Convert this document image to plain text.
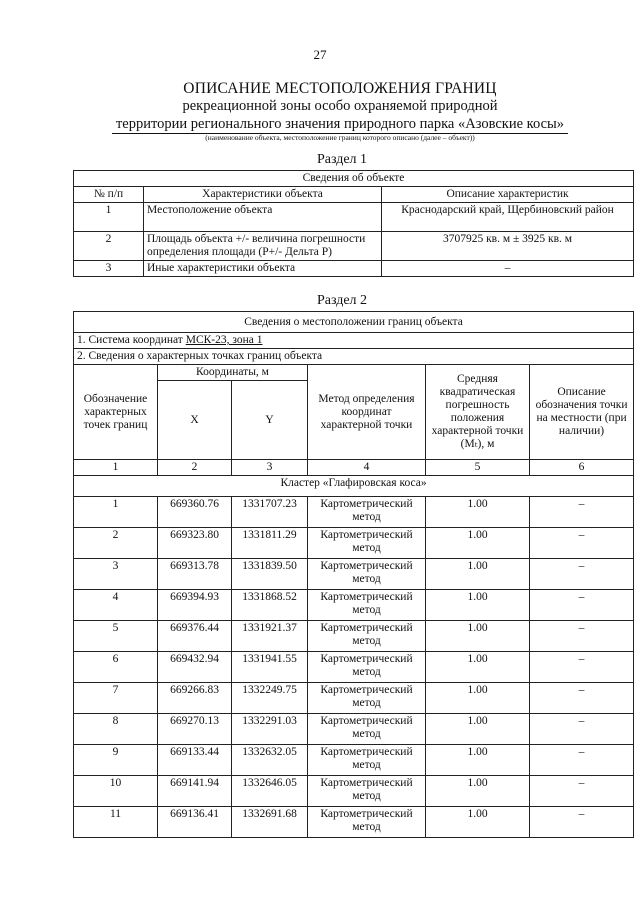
27
ОПИСАНИЕ МЕСТОПОЛОЖЕНИЯ ГРАНИЦ
рекреационной зоны особо охраняемой природной
территории регионального значения природного парка «Азовские косы»
(наименование объекта, местоположение границ которого описано (далее – объект))
Раздел 1
Сведения об объекте		
№ п/п	Характеристики объекта	Описание характеристик
1	Местоположение объекта	Краснодарский край, Щербиновский район
2	Площадь объекта +/- величина погрешности определения площади (P+/- Дельта P)	3707925 кв. м ± 3925 кв. м
3	Иные характеристики объекта	–
Раздел 2
Сведения о местоположении границ объекта					
1. Система координат МСК-23, зона 1					
2. Сведения о характерных точках границ объекта					
Обозначение характерных точек границ	Координаты, м		Метод определения координат характерной точки	Средняя квадратическая погрешность положения характерной точки (Mₜ), м	Описание обозначения точки на местности (при наличии)
	X	Y			
1	2	3	4	5	6
Кластер «Глафировская коса»					
1	669360.76	1331707.23	Картометрический метод	1.00	–
2	669323.80	1331811.29	Картометрический метод	1.00	–
3	669313.78	1331839.50	Картометрический метод	1.00	–
4	669394.93	1331868.52	Картометрический метод	1.00	–
5	669376.44	1331921.37	Картометрический метод	1.00	–
6	669432.94	1331941.55	Картометрический метод	1.00	–
7	669266.83	1332249.75	Картометрический метод	1.00	–
8	669270.13	1332291.03	Картометрический метод	1.00	–
9	669133.44	1332632.05	Картометрический метод	1.00	–
10	669141.94	1332646.05	Картометрический метод	1.00	–
11	669136.41	1332691.68	Картометрический метод	1.00	–
